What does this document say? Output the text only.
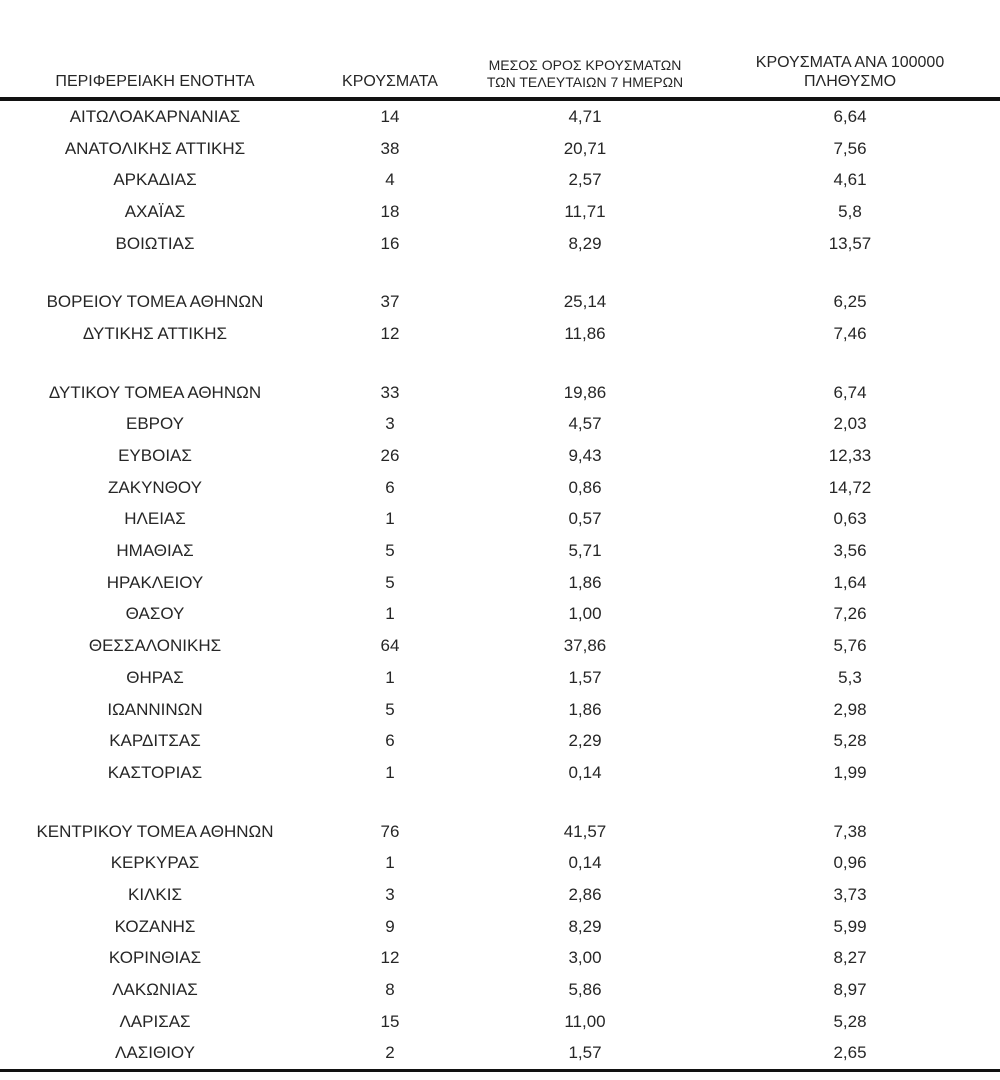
ΠΕΡΙΦΕΡΕΙΑΚΗ ΕΝΟΤΗΤΑ	ΚΡΟΥΣΜΑΤΑ	ΜΕΣΟΣ ΟΡΟΣ ΚΡΟΥΣΜΑΤΩΝ
ΤΩΝ ΤΕΛΕΥΤΑΙΩΝ 7 ΗΜΕΡΩΝ	ΚΡΟΥΣΜΑΤΑ ΑΝΑ 100000
ΠΛΗΘΥΣΜΟ

ΑΙΤΩΛΟΑΚΑΡΝΑΝΙΑΣ	14	4,71	6,64
ΑΝΑΤΟΛΙΚΗΣ ΑΤΤΙΚΗΣ	38	20,71	7,56
ΑΡΚΑΔΙΑΣ	4	2,57	4,61
ΑΧΑΪΑΣ	18	11,71	5,8
ΒΟΙΩΤΙΑΣ	16	8,29	13,57

ΒΟΡΕΙΟΥ ΤΟΜΕΑ ΑΘΗΝΩΝ	37	25,14	6,25
ΔΥΤΙΚΗΣ ΑΤΤΙΚΗΣ	12	11,86	7,46

ΔΥΤΙΚΟΥ ΤΟΜΕΑ ΑΘΗΝΩΝ	33	19,86	6,74
ΕΒΡΟΥ	3	4,57	2,03
ΕΥΒΟΙΑΣ	26	9,43	12,33
ΖΑΚΥΝΘΟΥ	6	0,86	14,72
ΗΛΕΙΑΣ	1	0,57	0,63
ΗΜΑΘΙΑΣ	5	5,71	3,56
ΗΡΑΚΛΕΙΟΥ	5	1,86	1,64
ΘΑΣΟΥ	1	1,00	7,26
ΘΕΣΣΑΛΟΝΙΚΗΣ	64	37,86	5,76
ΘΗΡΑΣ	1	1,57	5,3
ΙΩΑΝΝΙΝΩΝ	5	1,86	2,98
ΚΑΡΔΙΤΣΑΣ	6	2,29	5,28
ΚΑΣΤΟΡΙΑΣ	1	0,14	1,99

ΚΕΝΤΡΙΚΟΥ ΤΟΜΕΑ ΑΘΗΝΩΝ	76	41,57	7,38
ΚΕΡΚΥΡΑΣ	1	0,14	0,96
ΚΙΛΚΙΣ	3	2,86	3,73
ΚΟΖΑΝΗΣ	9	8,29	5,99
ΚΟΡΙΝΘΙΑΣ	12	3,00	8,27
ΛΑΚΩΝΙΑΣ	8	5,86	8,97
ΛΑΡΙΣΑΣ	15	11,00	5,28
ΛΑΣΙΘΙΟΥ	2	1,57	2,65
